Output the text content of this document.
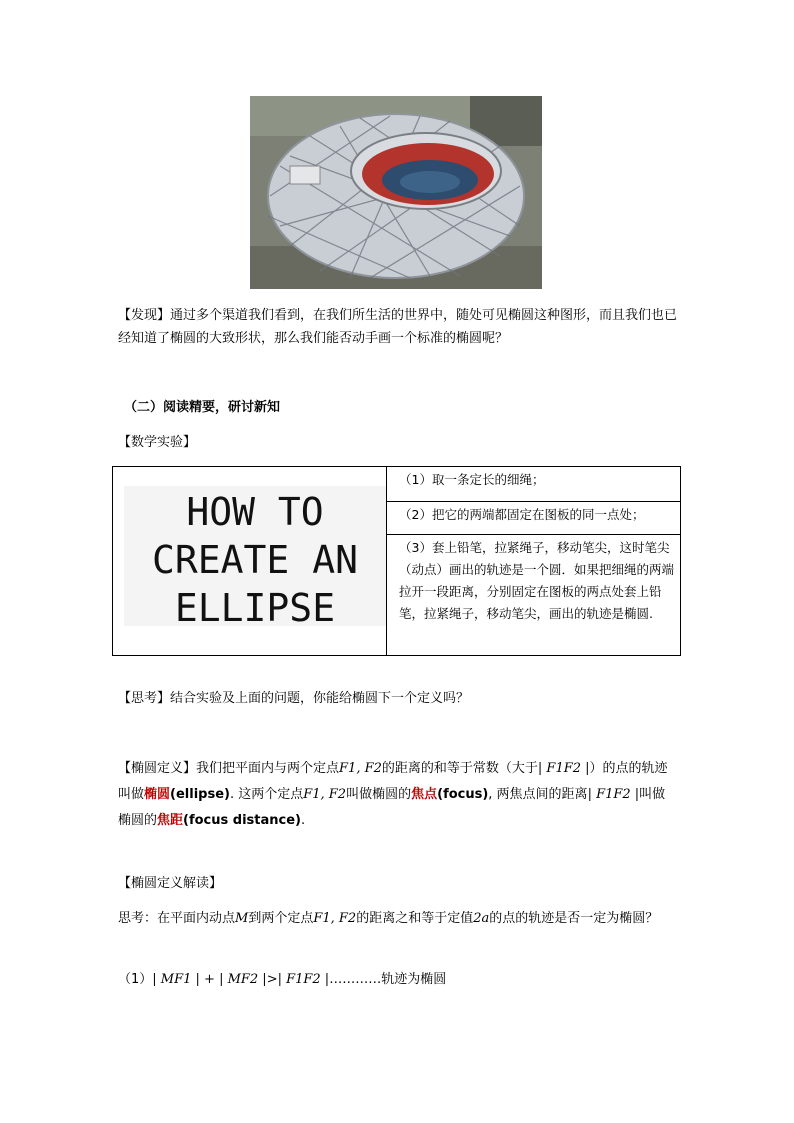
【发现】通过多个渠道我们看到，在我们所生活的世界中，随处可见椭圆这种图形，而且我们也已经知道了椭圆的大致形状，那么我们能否动手画一个标准的椭圆呢？
（二）阅读精要，研讨新知
【数学实验】
HOW TO
CREATE AN
ELLIPSE
	（1）取一条定长的细绳；
（2）把它的两端都固定在图板的同一点处；
（3）套上铅笔，拉紧绳子，移动笔尖，这时笔尖（动点）画出的轨迹是一个圆．如果把细绳的两端拉开一段距离，分别固定在图板的两点处套上铅笔，拉紧绳子，移动笔尖，画出的轨迹是椭圆.
【思考】结合实验及上面的问题，你能给椭圆下一个定义吗？
【椭圆定义】我们把平面内与两个定点F1, F2的距离的和等于常数（大于| F1F2 |）的点的轨迹叫做椭圆(ellipse). 这两个定点F1, F2叫做椭圆的焦点(focus), 两焦点间的距离| F1F2 |叫做椭圆的焦距(focus distance).
【椭圆定义解读】
思考：在平面内动点M到两个定点F1, F2的距离之和等于定值2a的点的轨迹是否一定为椭圆？
（1）| MF1 | + | MF2 |>| F1F2 |…………轨迹为椭圆
